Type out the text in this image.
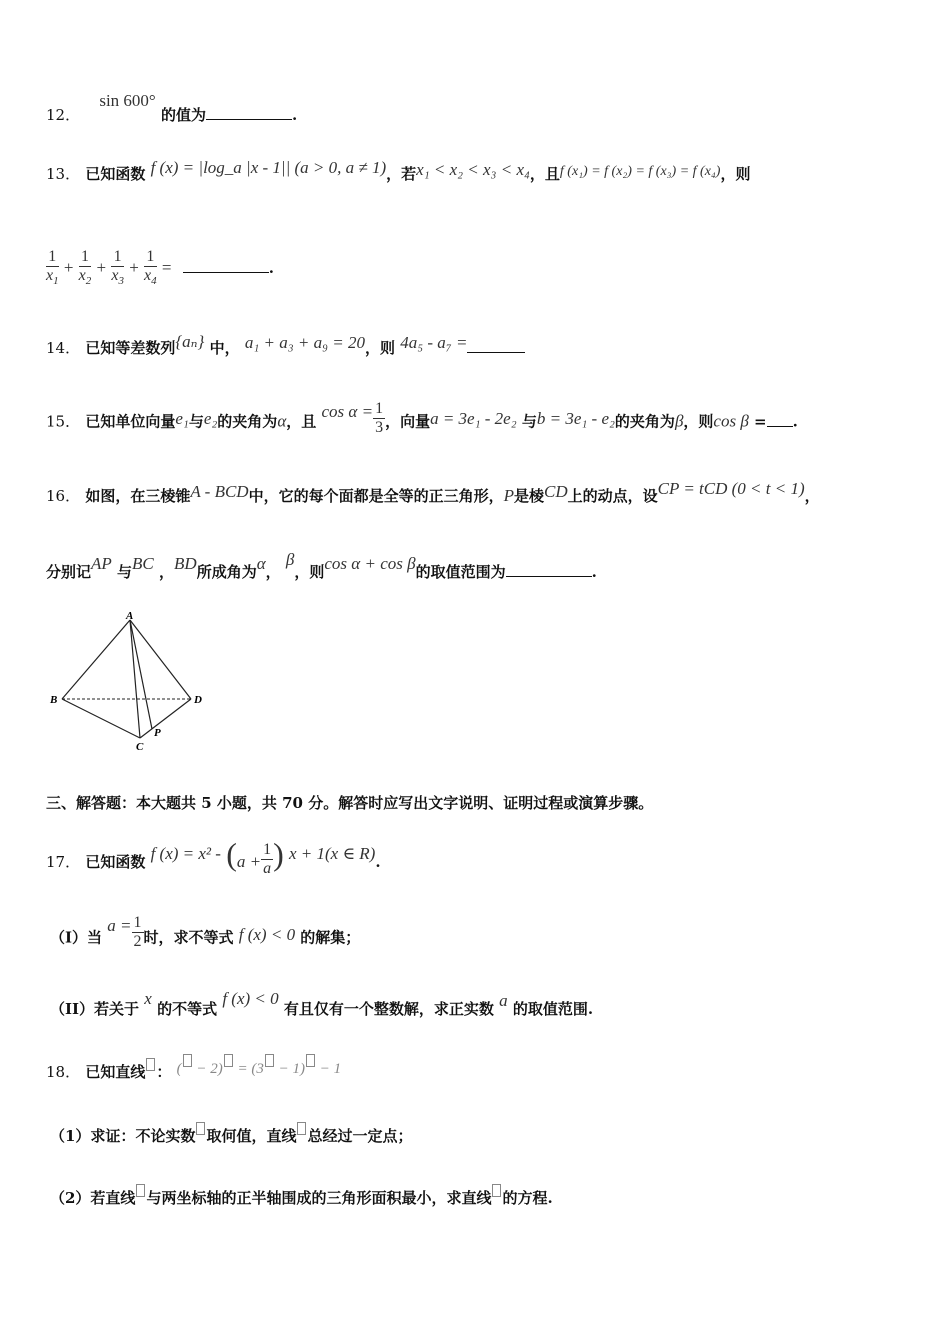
12． sin 600° 的值为	.
13． 已知函数 f (x) = |log_a |x - 1|| (a > 0, a ≠ 1)，若x₁ < x₂ < x₃ < x₄，且f (x₁) = f (x₂) = f (x₃) = f (x₄)，则
$\frac{1}{x_1} + \frac{1}{x_2} + \frac{1}{x_3} + \frac{1}{x_4}$ =	.
14． 已知等差数列{aₙ} 中， a₁ + a₃ + a₉ = 20，则 4a₅ - a₇ =
15． 已知单位向量e₁与e₂的夹角为α，且 $\cos \alpha = \frac{1}{3}$ ，向量a = 3e₁ - 2e₂ 与b = 3e₁ - e₂的夹角为β，则cos β = .
16． 如图，在三棱锥A - BCD中，它的每个面都是全等的正三角形，P是棱CD上的动点，设CP = tCD (0 < t < 1)，
分别记AP 与BC ，BD所成角为α， β，则cos α + cos β的取值范围为	.
A
B	D
C
P
三、解答题：本大题共 5 小题，共 70 分。解答时应写出文字说明、证明过程或演算步骤。
17． 已知函数 f $(x) = x^2 - (a + \frac{1}{a}$ ) x + 1(x ∈ R).
（I）当 $a = \frac{1}{2}$ 时，求不等式 f (x) < 0 的解集；
（II）若关于 x 的不等式 f (x) < 0 有且仅有一个整数解，求正实数 a 的取值范围.
18． 已知直线 ： ( − 2) = (3 − 1) − 1
（1）求证：不论实数 取何值，直线 总经过一定点；
（2）若直线 与两坐标轴的正半轴围成的三角形面积最小，求直线 的方程.
